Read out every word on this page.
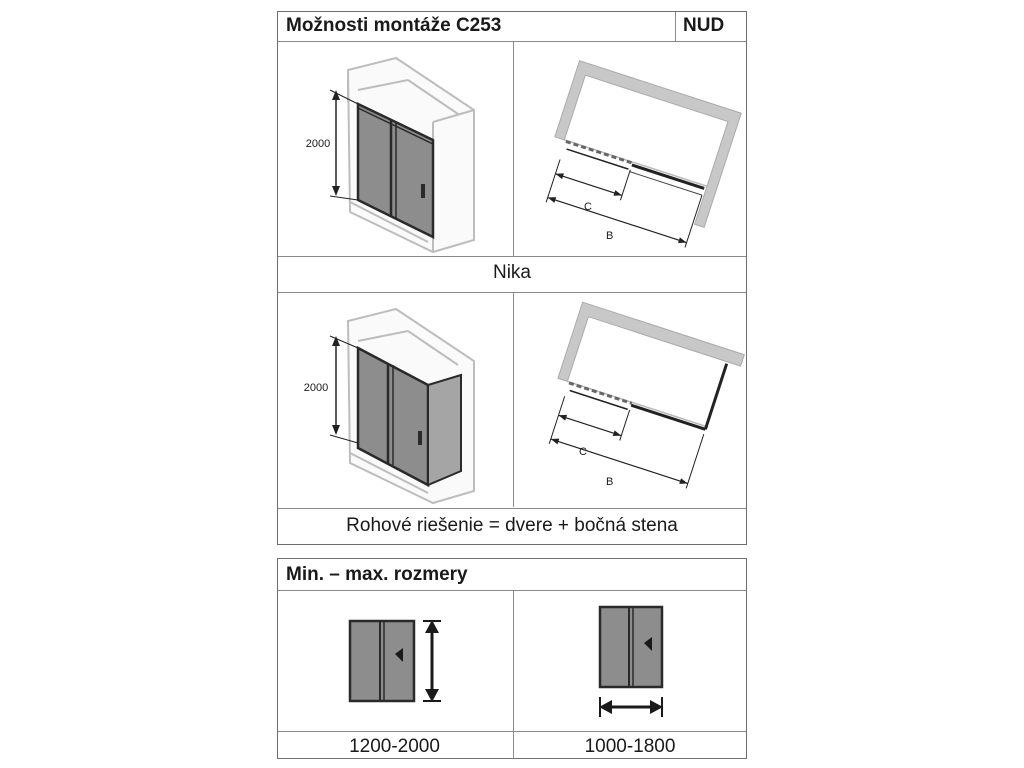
Možnosti montáže C253	NUD
2000
C
B
Nika
2000
C
B
Rohové riešenie = dvere + bočná stena
Min. – max. rozmery
1200-2000	1000-1800
